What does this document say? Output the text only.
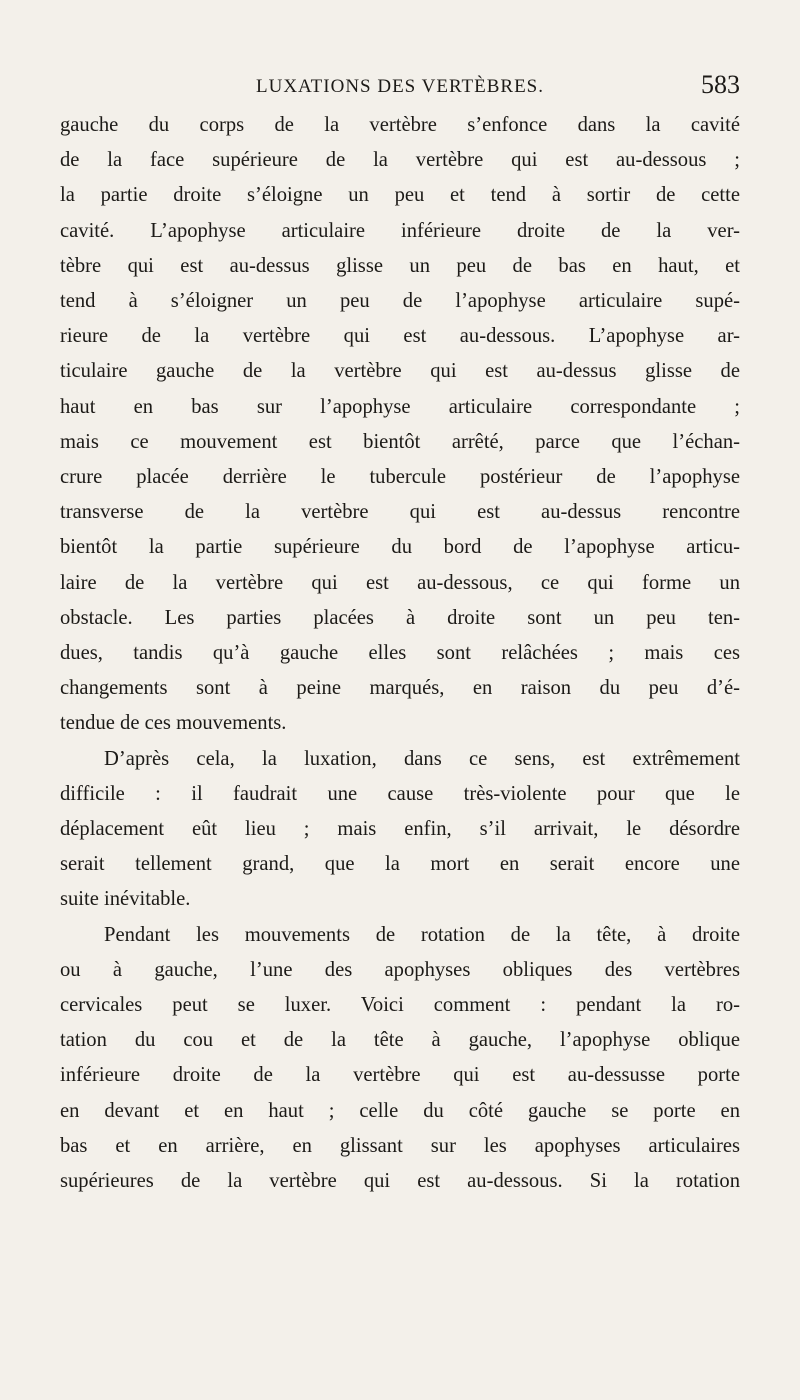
LUXATIONS DES VERTÈBRES.	583

gauche du corps de la vertèbre s’enfonce dans la cavité
de la face supérieure de la vertèbre qui est au-dessous ;
la partie droite s’éloigne un peu et tend à sortir de cette
cavité. L’apophyse articulaire inférieure droite de la ver-
tèbre qui est au-dessus glisse un peu de bas en haut, et
tend à s’éloigner un peu de l’apophyse articulaire supé-
rieure de la vertèbre qui est au-dessous. L’apophyse ar-
ticulaire gauche de la vertèbre qui est au-dessus glisse de
haut en bas sur l’apophyse articulaire correspondante ;
mais ce mouvement est bientôt arrêté, parce que l’échan-
crure placée derrière le tubercule postérieur de l’apophyse
transverse de la vertèbre qui est au-dessus rencontre
bientôt la partie supérieure du bord de l’apophyse articu-
laire de la vertèbre qui est au-dessous, ce qui forme un
obstacle. Les parties placées à droite sont un peu ten-
dues, tandis qu’à gauche elles sont relâchées ; mais ces
changements sont à peine marqués, en raison du peu d’é-
tendue de ces mouvements.

D’après cela, la luxation, dans ce sens, est extrêmement
difficile : il faudrait une cause très-violente pour que le
déplacement eût lieu ; mais enfin, s’il arrivait, le désordre
serait tellement grand, que la mort en serait encore une
suite inévitable.

Pendant les mouvements de rotation de la tête, à droite
ou à gauche, l’une des apophyses obliques des vertèbres
cervicales peut se luxer. Voici comment : pendant la ro-
tation du cou et de la tête à gauche, l’apophyse oblique
inférieure droite de la vertèbre qui est au-dessusse porte
en devant et en haut ; celle du côté gauche se porte en
bas et en arrière, en glissant sur les apophyses articulaires
supérieures de la vertèbre qui est au-dessous. Si la rotation
